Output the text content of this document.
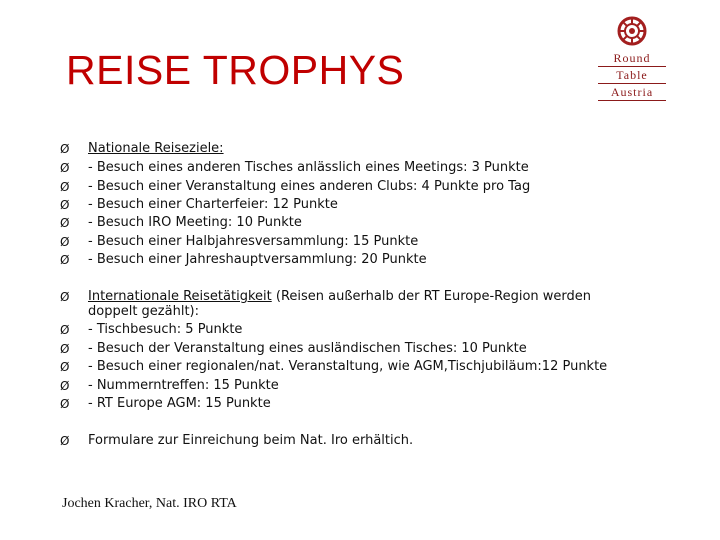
REISE TROPHYS	Round
Table
Austria
Ø	Nationale Reiseziele:
Ø	- Besuch eines anderen Tisches anlässlich eines Meetings: 3 Punkte
Ø	- Besuch einer Veranstaltung eines anderen Clubs: 4 Punkte pro Tag
Ø	- Besuch einer Charterfeier: 12 Punkte
Ø	- Besuch IRO Meeting: 10 Punkte
Ø	- Besuch einer Halbjahresversammlung: 15 Punkte
Ø	- Besuch einer Jahreshauptversammlung: 20 Punkte
Ø	Internationale Reisetätigkeit (Reisen außerhalb der RT Europe-Region werden
doppelt gezählt):
Ø	- Tischbesuch: 5 Punkte
Ø	- Besuch der Veranstaltung eines ausländischen Tisches: 10 Punkte
Ø	- Besuch einer regionalen/nat. Veranstaltung, wie AGM,Tischjubiläum:12 Punkte
Ø	- Nummerntreffen: 15 Punkte
Ø	- RT Europe AGM: 15 Punkte
Ø	Formulare zur Einreichung beim Nat. Iro erhältich.
Jochen Kracher, Nat. IRO RTA
